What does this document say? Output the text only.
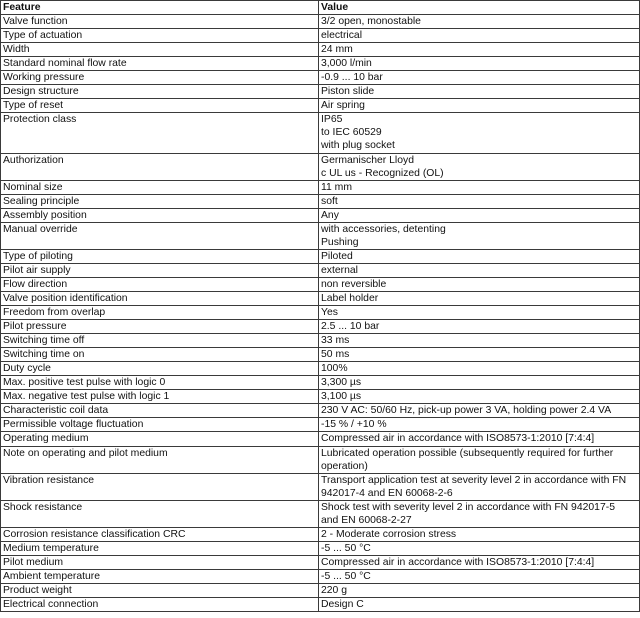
Feature	Value
Valve function	3/2 open, monostable

Type of actuation	electrical

Width	24 mm

Standard nominal flow rate	3,000 l/min

Working pressure	-0.9 ... 10 bar

Design structure	Piston slide

Type of reset	Air spring

Protection class	IP65
to IEC 60529
with plug socket

Authorization	Germanischer Lloyd
c UL us - Recognized (OL)

Nominal size	11 mm

Sealing principle	soft

Assembly position	Any

Manual override	with accessories, detenting
Pushing

Type of piloting	Piloted

Pilot air supply	external

Flow direction	non reversible

Valve position identification	Label holder

Freedom from overlap	Yes

Pilot pressure	2.5 ... 10 bar

Switching time off	33 ms

Switching time on	50 ms

Duty cycle	100%

Max. positive test pulse with logic 0	3,300 µs

Max. negative test pulse with logic 1	3,100 µs

Characteristic coil data	230 V AC: 50/60 Hz, pick-up power 3 VA, holding power 2.4 VA

Permissible voltage fluctuation	-15 % / +10 %

Operating medium	Compressed air in accordance with ISO8573-1:2010 [7:4:4]

Note on operating and pilot medium	Lubricated operation possible (subsequently required for further
operation)

Vibration resistance	Transport application test at severity level 2 in accordance with FN
942017-4 and EN 60068-2-6

Shock resistance	Shock test with severity level 2 in accordance with FN 942017-5
and EN 60068-2-27

Corrosion resistance classification CRC	2 - Moderate corrosion stress

Medium temperature	-5 ... 50 °C

Pilot medium	Compressed air in accordance with ISO8573-1:2010 [7:4:4]

Ambient temperature	-5 ... 50 °C

Product weight	220 g

Electrical connection	Design C
